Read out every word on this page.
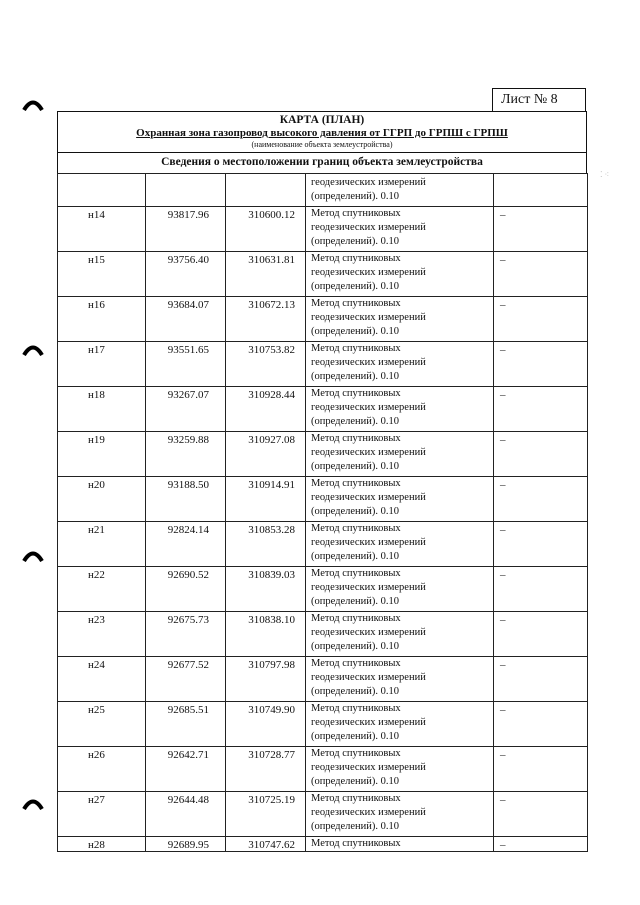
Лист № 8
КАРТА (ПЛАН)
Охранная зона газопровод высокого давления от ГГРП до ГРПШ с ГРПШ
(наименование объекта землеустройства)
Сведения о местоположении границ объекта землеустройства

			геодезических измерений
(определений). 0.10	

н14	93817.96	310600.12	Метод спутниковых
геодезических измерений
(определений). 0.10	–
н15	93756.40	310631.81	Метод спутниковых
геодезических измерений
(определений). 0.10	–
н16	93684.07	310672.13	Метод спутниковых
геодезических измерений
(определений). 0.10	–
н17	93551.65	310753.82	Метод спутниковых
геодезических измерений
(определений). 0.10	–
н18	93267.07	310928.44	Метод спутниковых
геодезических измерений
(определений). 0.10	–
н19	93259.88	310927.08	Метод спутниковых
геодезических измерений
(определений). 0.10	–
н20	93188.50	310914.91	Метод спутниковых
геодезических измерений
(определений). 0.10	–
н21	92824.14	310853.28	Метод спутниковых
геодезических измерений
(определений). 0.10	–
н22	92690.52	310839.03	Метод спутниковых
геодезических измерений
(определений). 0.10	–
н23	92675.73	310838.10	Метод спутниковых
геодезических измерений
(определений). 0.10	–
н24	92677.52	310797.98	Метод спутниковых
геодезических измерений
(определений). 0.10	–
н25	92685.51	310749.90	Метод спутниковых
геодезических измерений
(определений). 0.10	–
н26	92642.71	310728.77	Метод спутниковых
геодезических измерений
(определений). 0.10	–
н27	92644.48	310725.19	Метод спутниковых
геодезических измерений
(определений). 0.10	–
н28	92689.95	310747.62	Метод спутниковых	–
⁚ ⁖
